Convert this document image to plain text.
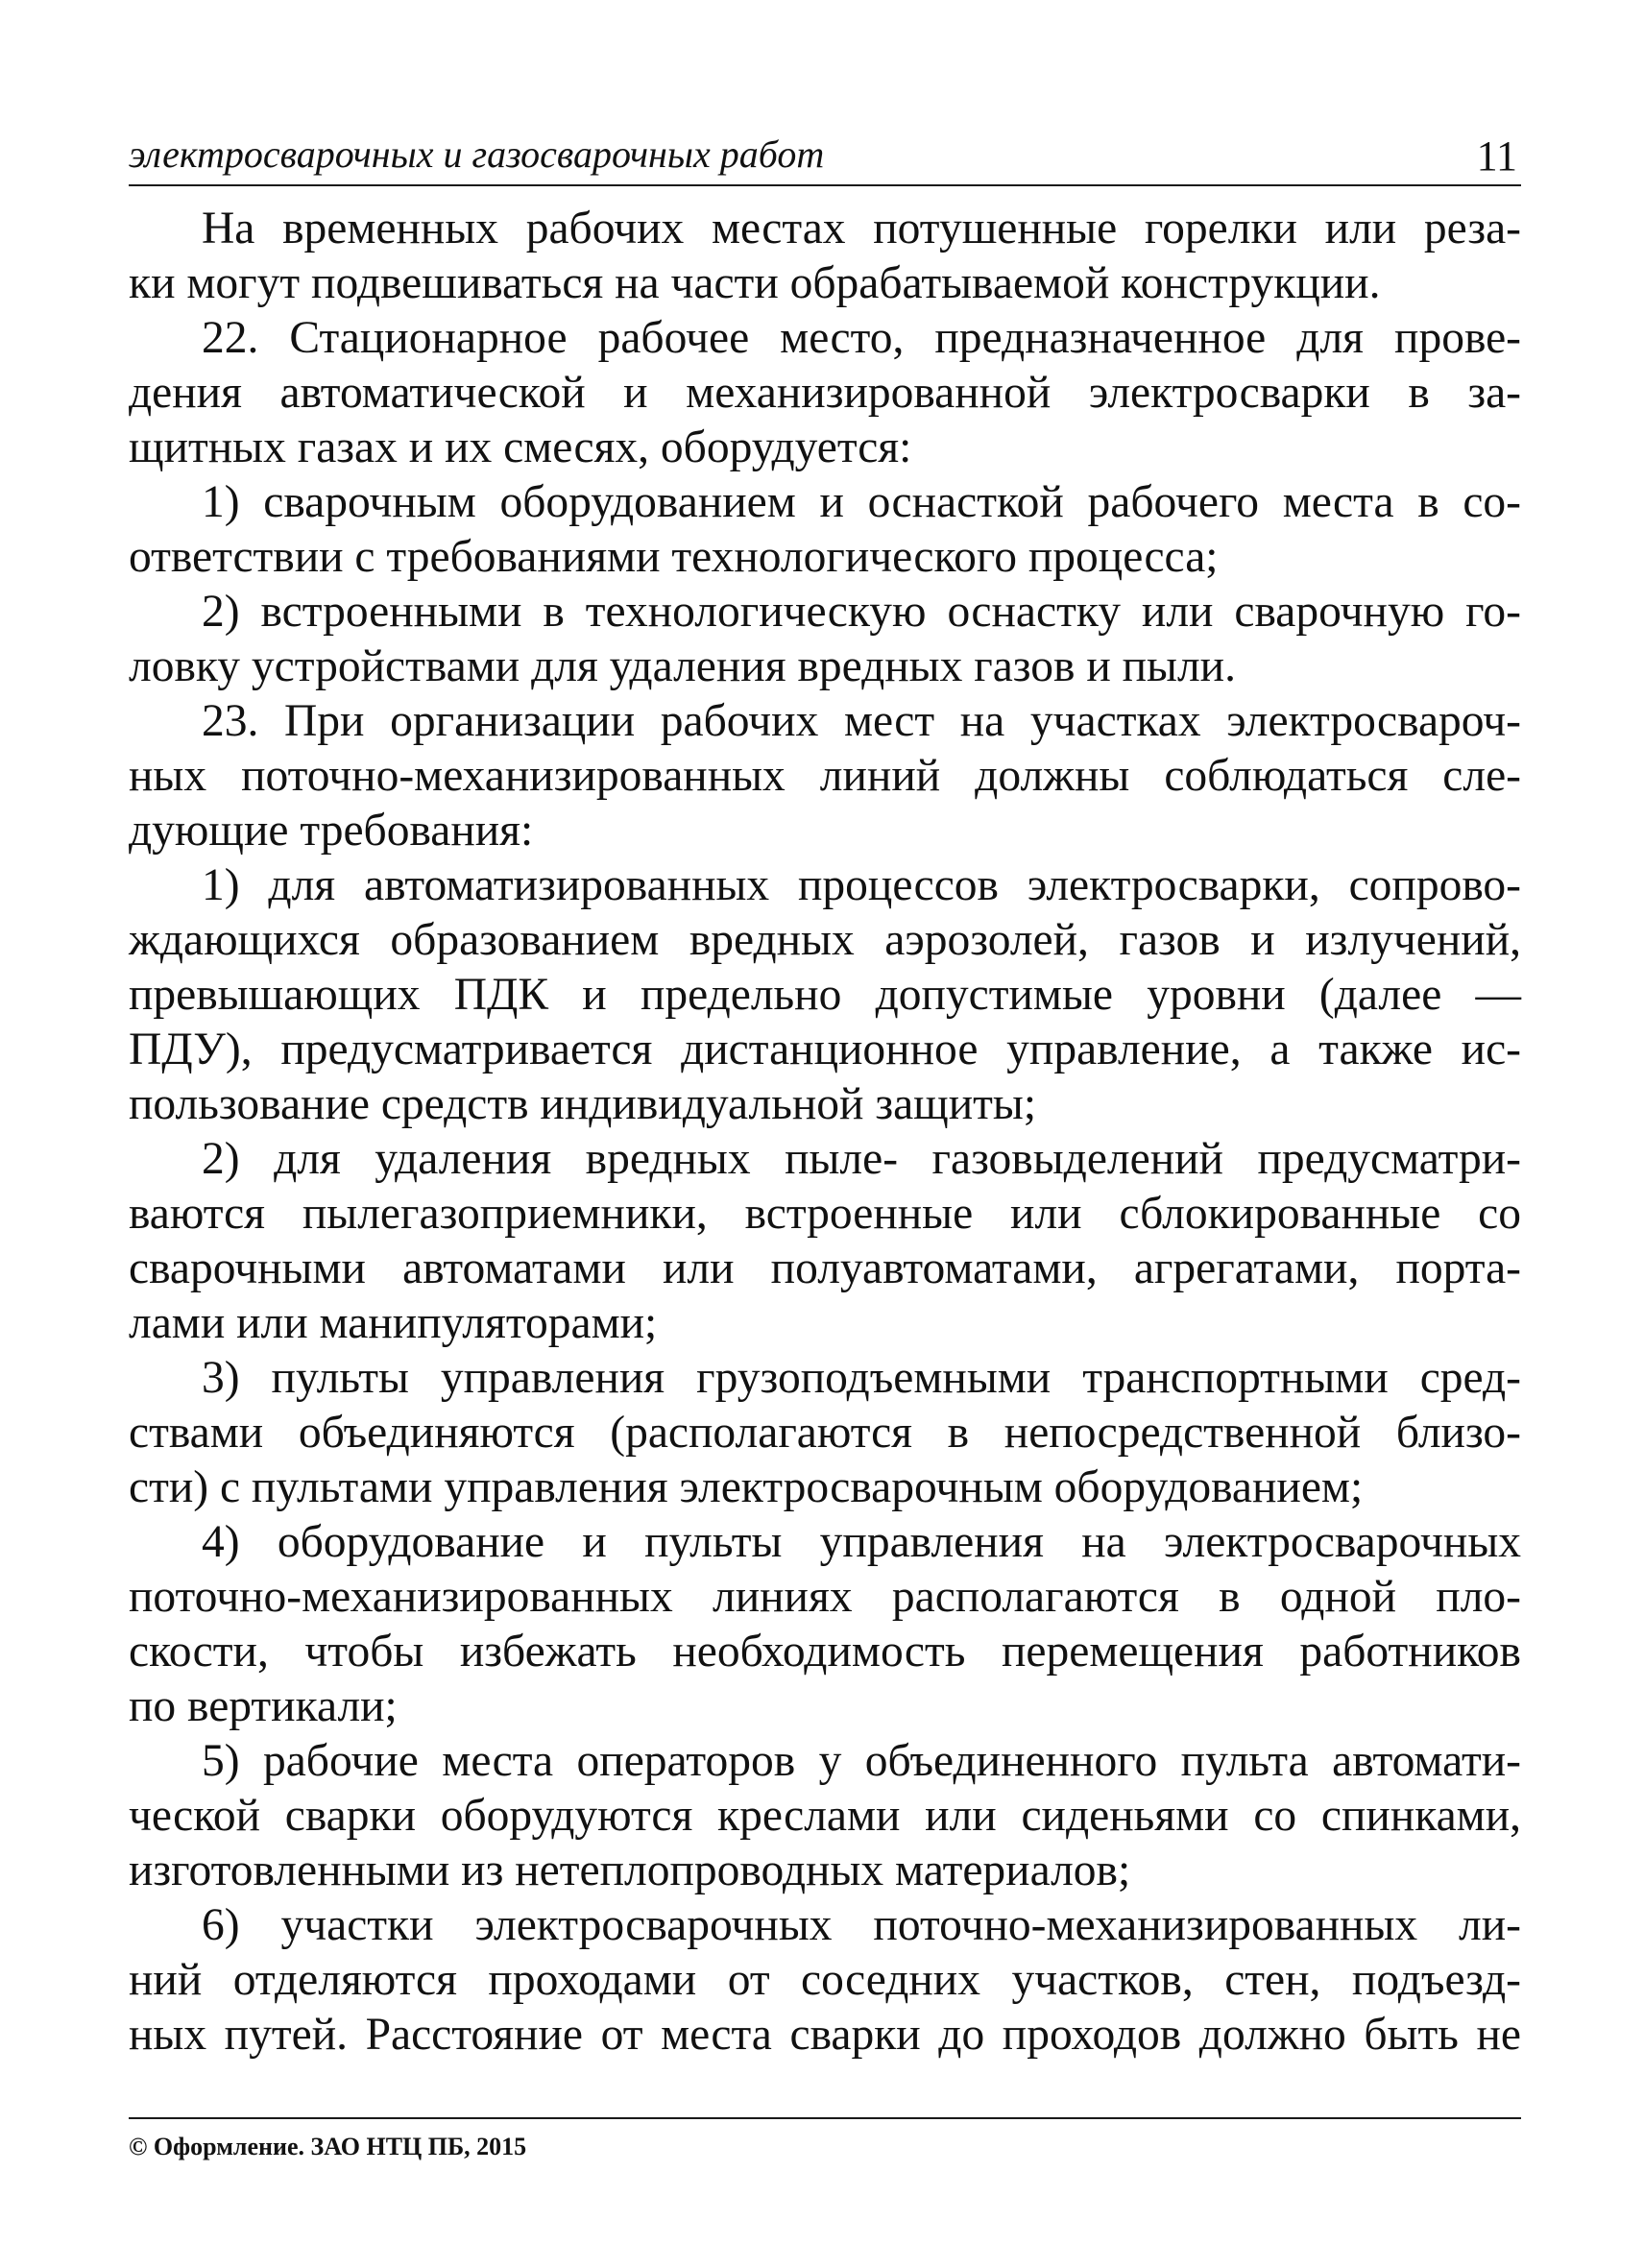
электросварочных и газосварочных работ	11
На временных рабочих местах потушенные горелки или реза-
ки могут подвешиваться на части обрабатываемой конструкции.
22. Стационарное рабочее место, предназначенное для прове-
дения автоматической и механизированной электросварки в за-
щитных газах и их смесях, оборудуется:
1) сварочным оборудованием и оснасткой рабочего места в со-
ответствии с требованиями технологического процесса;
2) встроенными в технологическую оснастку или сварочную го-
ловку устройствами для удаления вредных газов и пыли.
23. При организации рабочих мест на участках электросвароч-
ных поточно-механизированных линий должны соблюдаться сле-
дующие требования:
1) для автоматизированных процессов электросварки, сопрово-
ждающихся образованием вредных аэрозолей, газов и излучений,
превышающих ПДК и предельно допустимые уровни (далее —
ПДУ), предусматривается дистанционное управление, а также ис-
пользование средств индивидуальной защиты;
2) для удаления вредных пыле- газовыделений предусматри-
ваются пылегазоприемники, встроенные или сблокированные со
сварочными автоматами или полуавтоматами, агрегатами, порта-
лами или манипуляторами;
3) пульты управления грузоподъемными транспортными сред-
ствами объединяются (располагаются в непосредственной близо-
сти) с пультами управления электросварочным оборудованием;
4) оборудование и пульты управления на электросварочных
поточно-механизированных линиях располагаются в одной пло-
скости, чтобы избежать необходимость перемещения работников
по вертикали;
5) рабочие места операторов у объединенного пульта автомати-
ческой сварки оборудуются креслами или сиденьями со спинками,
изготовленными из нетеплопроводных материалов;
6) участки электросварочных поточно-механизированных ли-
ний отделяются проходами от соседних участков, стен, подъезд-
ных путей. Расстояние от места сварки до проходов должно быть не
© Оформление. ЗАО НТЦ ПБ, 2015
